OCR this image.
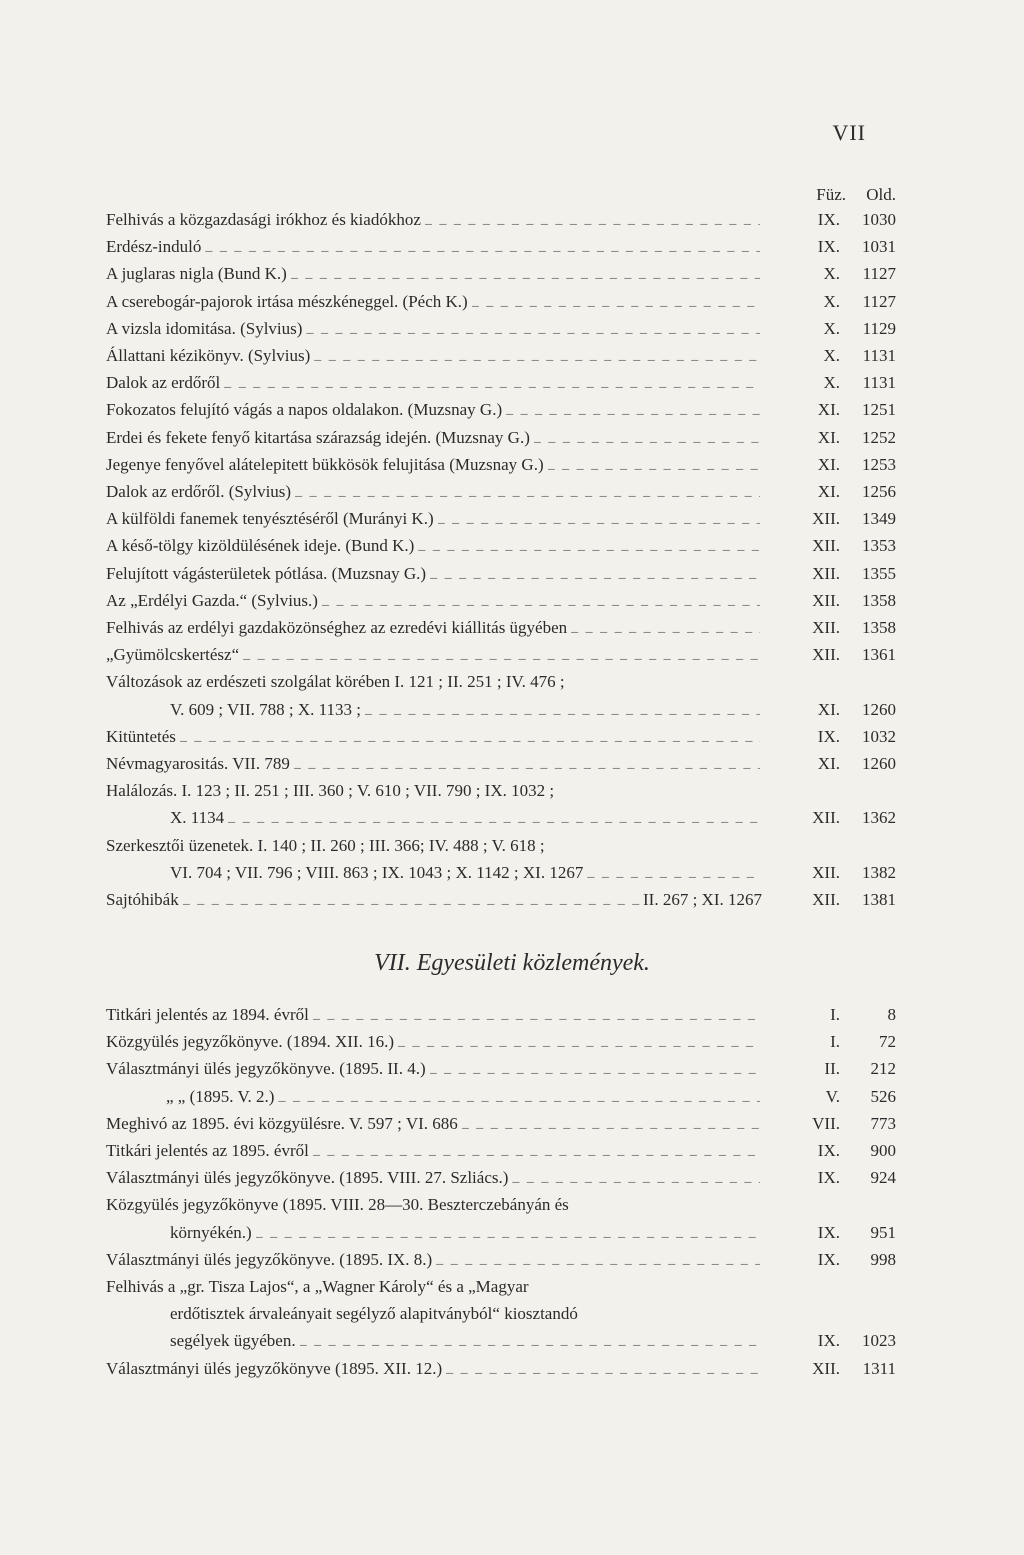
VII
Füz.	Old.
Felhivás a közgazdasági irókhoz és kiadókhoz _ _ _	IX.	1030
Erdész-induló _ _ _	IX.	1031
A juglaras nigla (Bund K.) _ _ _	X.	1127
A cserebogár-pajorok irtása mészkéneggel. (Péch K.) _ _ _	X.	1127
A vizsla idomitása. (Sylvius) _ _ _	X.	1129
Állattani kézikönyv. (Sylvius) _ _ _	X.	1131
Dalok az erdőről _ _ _	X.	1131
Fokozatos felujító vágás a napos oldalakon. (Muzsnay G.) _ _ _	XI.	1251
Erdei és fekete fenyő kitartása szárazság idején. (Muzsnay G.) _ _ _	XI.	1252
Jegenye fenyővel alátelepitett bükkösök felujitása (Muzsnay G.) _ _ _	XI.	1253
Dalok az erdőről. (Sylvius) _ _ _	XI.	1256
A külföldi fanemek tenyésztéséről (Murányi K.) _ _ _	XII.	1349
A késő-tölgy kizöldülésének ideje. (Bund K.) _ _ _	XII.	1353
Felujított vágásterületek pótlása. (Muzsnay G.) _ _ _	XII.	1355
Az „Erdélyi Gazda.“ (Sylvius.) _ _ _	XII.	1358
Felhivás az erdélyi gazdaközönséghez az ezredévi kiállitás ügyében _ _ _	XII.	1358
„Gyümölcskertész“ _ _ _	XII.	1361
Változások az erdészeti szolgálat körében I. 121 ; II. 251 ; IV. 476 ;
V. 609 ; VII. 788 ; X. 1133 ; _ _ _	XI.	1260
Kitüntetés _ _ _	IX.	1032
Névmagyarositás. VII. 789 _ _ _	XI.	1260
Halálozás. I. 123 ; II. 251 ; III. 360 ; V. 610 ; VII. 790 ; IX. 1032 ;
X. 1134 _ _ _	XII.	1362
Szerkesztői üzenetek. I. 140 ; II. 260 ; III. 366; IV. 488 ; V. 618 ;
VI. 704 ; VII. 796 ; VIII. 863 ; IX. 1043 ; X. 1142 ; XI. 1267 _ _ _	XII.	1382
Sajtóhibák _ _ _	II. 267 ; XI. 1267	XII.	1381
VII. Egyesületi közlemények.
Titkári jelentés az 1894. évről _ _ _	I.	8
Közgyülés jegyzőkönyve. (1894. XII. 16.) _ _ _	I.	72
Választmányi ülés jegyzőkönyve. (1895. II. 4.) _ _ _	II.	212
„ „ (1895. V. 2.) _ _ _	V.	526
Meghivó az 1895. évi közgyülésre. V. 597 ; VI. 686 _ _ _	VII.	773
Titkári jelentés az 1895. évről _ _ _	IX.	900
Választmányi ülés jegyzőkönyve. (1895. VIII. 27. Szliács.) _ _ _	IX.	924
Közgyülés jegyzőkönyve (1895. VIII. 28—30. Beszterczebányán és
környékén.) _ _ _	IX.	951
Választmányi ülés jegyzőkönyve. (1895. IX. 8.) _ _ _	IX.	998
Felhivás a „gr. Tisza Lajos“, a „Wagner Károly“ és a „Magyar
erdőtisztek árvaleányait segélyző alapitványból“ kiosztandó
segélyek ügyében. _ _ _	IX.	1023
Választmányi ülés jegyzőkönyve (1895. XII. 12.) _ _ _	XII.	1311
